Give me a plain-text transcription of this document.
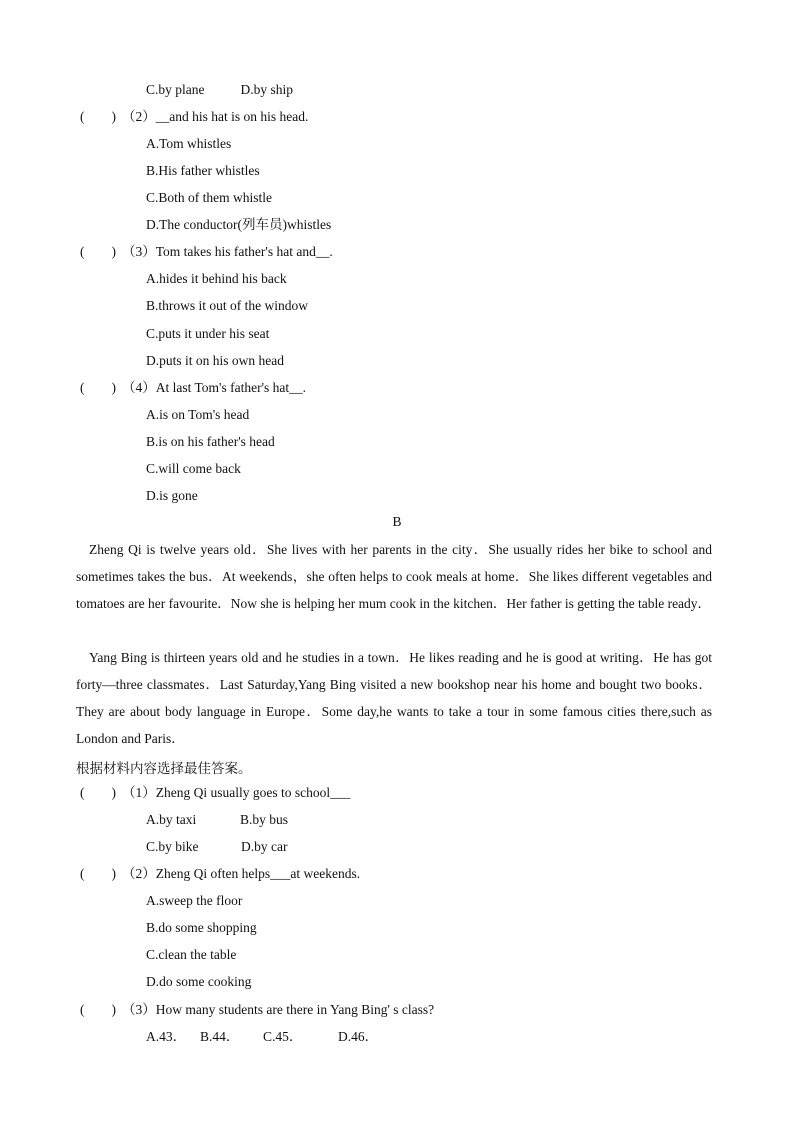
C.by plane	D.by ship
(　　) （2）__and his hat is on his head.
A.Tom whistles
B.His father whistles
C.Both of them whistle
D.The conductor(列车员)whistles
(　　) （3）Tom takes his father's hat and__.
A.hides it behind his back
B.throws it out of the window
C.puts it under his seat
D.puts it on his own head
(　　) （4）At last Tom's father's hat__.
A.is on Tom's head
B.is on his father's head
C.will come back
D.is gone
B
Zheng Qi is twelve years old．She lives with her parents in the city．She usually rides her bike to school and sometimes takes the bus．At weekends，she often helps to cook meals at home．She likes different vegetables and tomatoes are her favourite．Now she is helping her mum cook in the kitchen．Her father is getting the table ready．
Yang Bing is thirteen years old and he studies in a town．He likes reading and he is good at writing．He has got forty—three classmates．Last Saturday,Yang Bing visited a new bookshop near his home and bought two books．They are about body language in Europe．Some day,he wants to take a tour in some famous cities there,such as London and Paris．
根据材料内容选择最佳答案。
(　　) （1）Zheng Qi usually goes to school___
A.by taxi	B.by bus
C.by bike	D.by car
(　　) （2）Zheng Qi often helps___at weekends.
A.sweep the floor
B.do some shopping
C.clean the table
D.do some cooking
(　　) （3）How many students are there in Yang Bing' s class?
A.43． B.44． C.45．	D.46．
